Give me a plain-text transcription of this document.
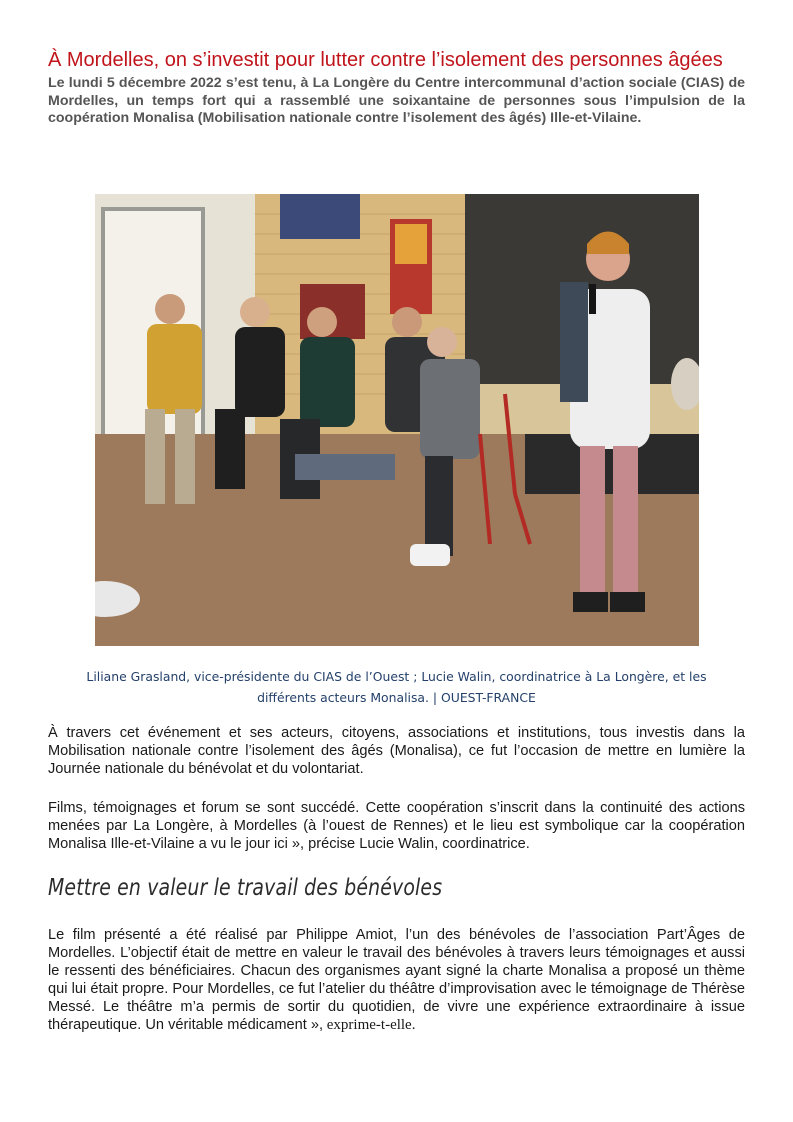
À Mordelles, on s’investit pour lutter contre l’isolement des personnes âgées

Le lundi 5 décembre 2022 s’est tenu, à La Longère du Centre intercommunal d’action sociale (CIAS) de Mordelles, un temps fort qui a rassemblé une soixantaine de personnes sous l’impulsion de la coopération Monalisa (Mobilisation nationale contre l’isolement des âgés) Ille-et-Vilaine.

Liliane Grasland, vice-présidente du CIAS de l’Ouest ; Lucie Walin, coordinatrice à La Longère, et les
différents acteurs Monalisa. | OUEST-FRANCE

À travers cet événement et ses acteurs, citoyens, associations et institutions, tous investis dans la Mobilisation nationale contre l’isolement des âgés (Monalisa), ce fut l’occasion de mettre en lumière la Journée nationale du bénévolat et du volontariat.

Films, témoignages et forum se sont succédé. Cette coopération s’inscrit dans la continuité des actions menées par La Longère, à Mordelles (à l’ouest de Rennes) et le lieu est symbolique car la coopération Monalisa Ille-et-Vilaine a vu le jour ici », précise Lucie Walin, coordinatrice.

Mettre en valeur le travail des bénévoles

Le film présenté a été réalisé par Philippe Amiot, l’un des bénévoles de l’association Part’Âges de Mordelles. L’objectif était de mettre en valeur le travail des bénévoles à travers leurs témoignages et aussi le ressenti des bénéficiaires. Chacun des organismes ayant signé la charte Monalisa a proposé un thème qui lui était propre. Pour Mordelles, ce fut l’atelier du théâtre d’improvisation avec le témoignage de Thérèse Messé. Le théâtre m’a permis de sortir du quotidien, de vivre une expérience extraordinaire à issue thérapeutique. Un véritable médicament », exprime-t-elle.
